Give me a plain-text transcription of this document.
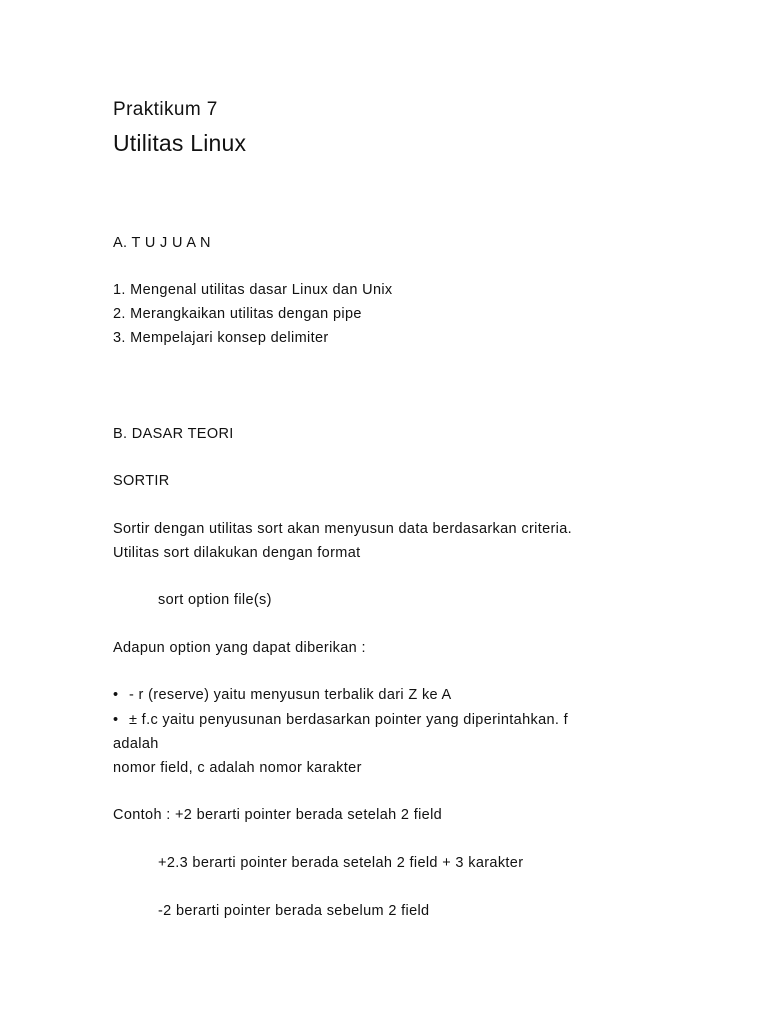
Praktikum 7
Utilitas Linux
A. T U J U A N
1. Mengenal utilitas dasar Linux dan Unix
2. Merangkaikan utilitas dengan pipe
3. Mempelajari konsep delimiter
B. DASAR TEORI
SORTIR
Sortir dengan utilitas sort akan menyusun data berdasarkan criteria.
Utilitas sort dilakukan dengan format
sort option file(s)
Adapun option yang dapat diberikan :
• - r (reserve) yaitu menyusun terbalik dari Z ke A
• ± f.c yaitu penyusunan berdasarkan pointer yang diperintahkan. f
adalah
nomor field, c adalah nomor karakter
Contoh : +2 berarti pointer berada setelah 2 field
+2.3 berarti pointer berada setelah 2 field + 3 karakter
-2 berarti pointer berada sebelum 2 field
